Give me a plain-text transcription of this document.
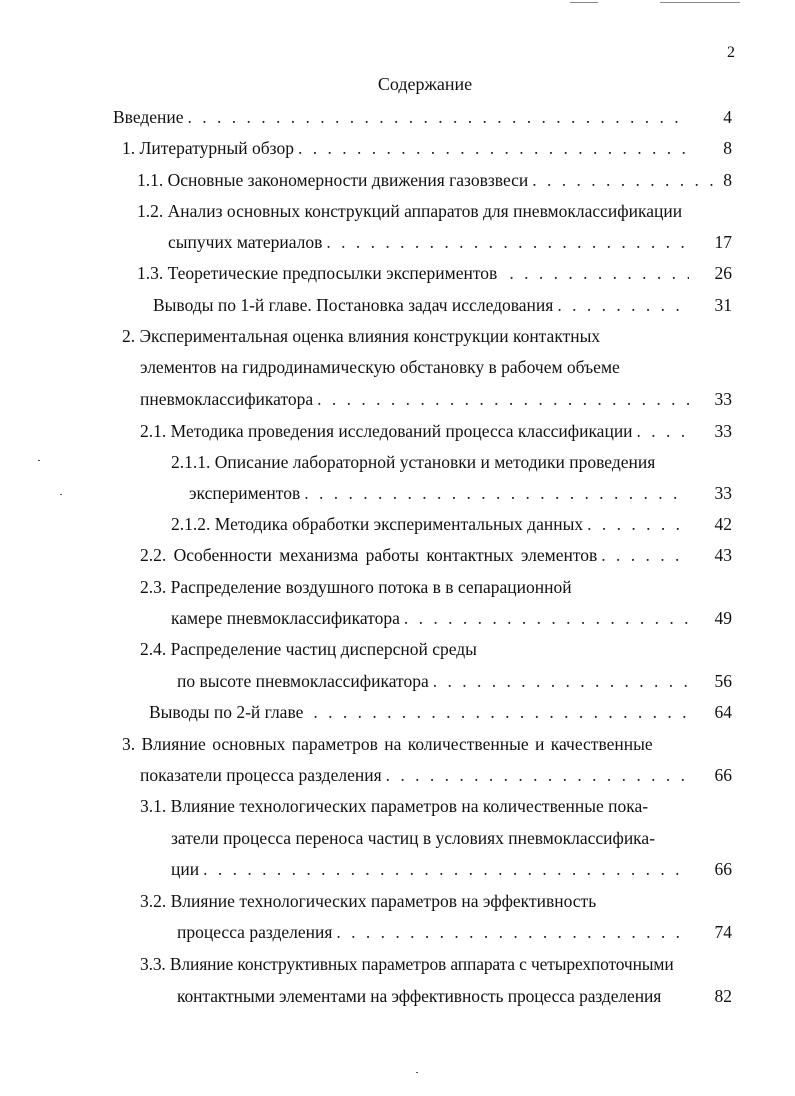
2
Содержание
Введение . . .	4
1. Литературный обзор . . .	8
1.1. Основные закономерности движения газовзвеси . . .	8
1.2. Анализ основных конструкций аппаратов для пневмоклассификации
сыпучих материалов . . .	17
1.3. Теоретические предпосылки экспериментов . . .	26
Выводы по 1-й главе. Постановка задач исследования . . .	31
2. Экспериментальная оценка влияния конструкции контактных
элементов на гидродинамическую обстановку в рабочем объеме
пневмоклассификатора . . .	33
2.1. Методика проведения исследований процесса классификации . . .	33
2.1.1. Описание лабораторной установки и методики проведения
экспериментов . . .	33
2.1.2. Методика обработки экспериментальных данных . . .	42
2.2. Особенности механизма работы контактных элементов . . .	43
2.3. Распределение воздушного потока в в сепарационной
камере пневмоклассификатора . . .	49
2.4. Распределение частиц дисперсной среды
по высоте пневмоклассификатора . . .	56
Выводы по 2-й главе . . .	64
3. Влияние основных параметров на количественные и качественные
показатели процесса разделения . . .	66
3.1. Влияние технологических параметров на количественные пока-
затели процесса переноса частиц в условиях пневмоклассифика-
ции . . .	66
3.2. Влияние технологических параметров на эффективность
процесса разделения . . .	74
3.3. Влияние конструктивных параметров аппарата с четырехпоточными
контактными элементами на эффективность процесса разделения	82
